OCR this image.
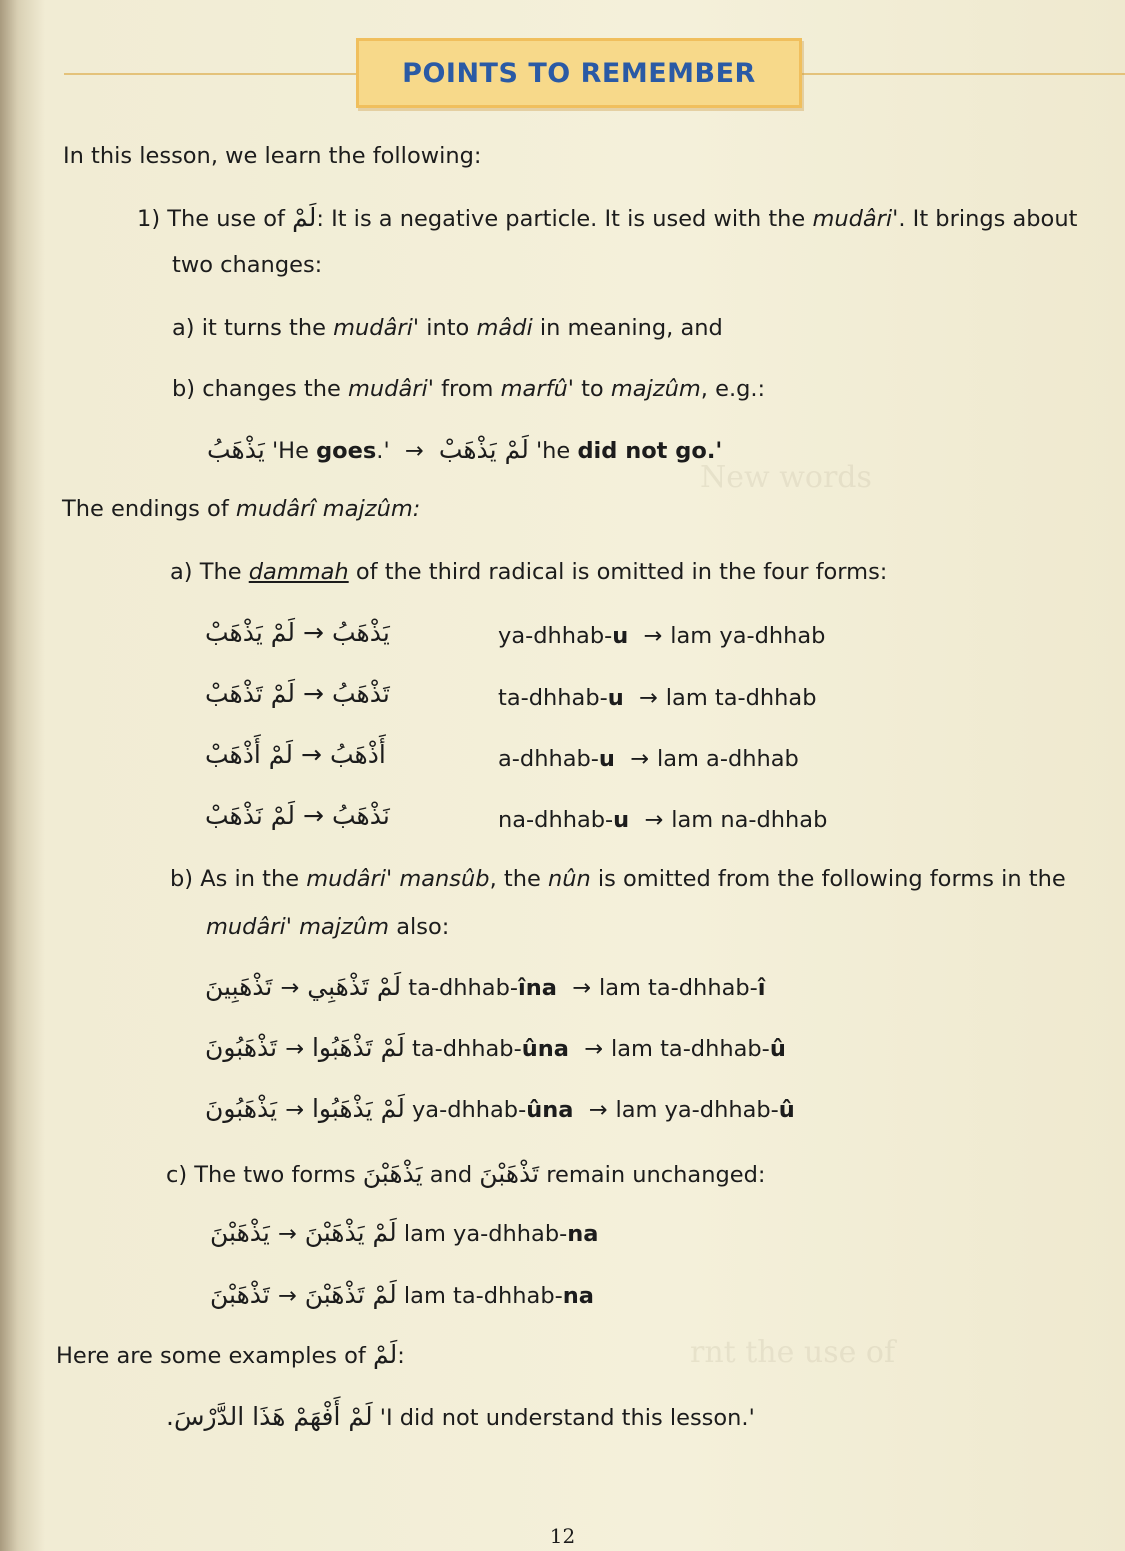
New words
rnt the use of
POINTS TO REMEMBER
In this lesson, we learn the following:
1) The use of لَمْ: It is a negative particle. It is used with the mudâri'. It brings about
two changes:
a) it turns the mudâri' into mâdi in meaning, and
b) changes the mudâri' from marfû' to majzûm, e.g.:
يَذْهَبُ 'He goes.' → لَمْ يَذْهَبْ 'he did not go.'
The endings of mudârî majzûm:
a) The dammah of the third radical is omitted in the four forms:
لَمْ يَذْهَبْ → يَذْهَبُ	ya-dhhab-u → lam ya-dhhab
لَمْ تَذْهَبْ → تَذْهَبُ	ta-dhhab-u → lam ta-dhhab
لَمْ أَذْهَبْ → أَذْهَبُ	a-dhhab-u → lam a-dhhab
لَمْ نَذْهَبْ → نَذْهَبُ	na-dhhab-u → lam na-dhhab
b) As in the mudâri' mansûb, the nûn is omitted from the following forms in the
mudâri' majzûm also:
تَذْهَبِينَ → لَمْ تَذْهَبِي ta-dhhab-îna → lam ta-dhhab-î
تَذْهَبُونَ → لَمْ تَذْهَبُوا ta-dhhab-ûna → lam ta-dhhab-û
يَذْهَبُونَ → لَمْ يَذْهَبُوا ya-dhhab-ûna → lam ya-dhhab-û
c) The two forms يَذْهَبْنَ and تَذْهَبْنَ remain unchanged:
يَذْهَبْنَ → لَمْ يَذْهَبْنَ lam ya-dhhab-na
تَذْهَبْنَ → لَمْ تَذْهَبْنَ lam ta-dhhab-na
Here are some examples of لَمْ:
لَمْ أَفْهَمْ هَذَا الدَّرْسَ. 'I did not understand this lesson.'
12
